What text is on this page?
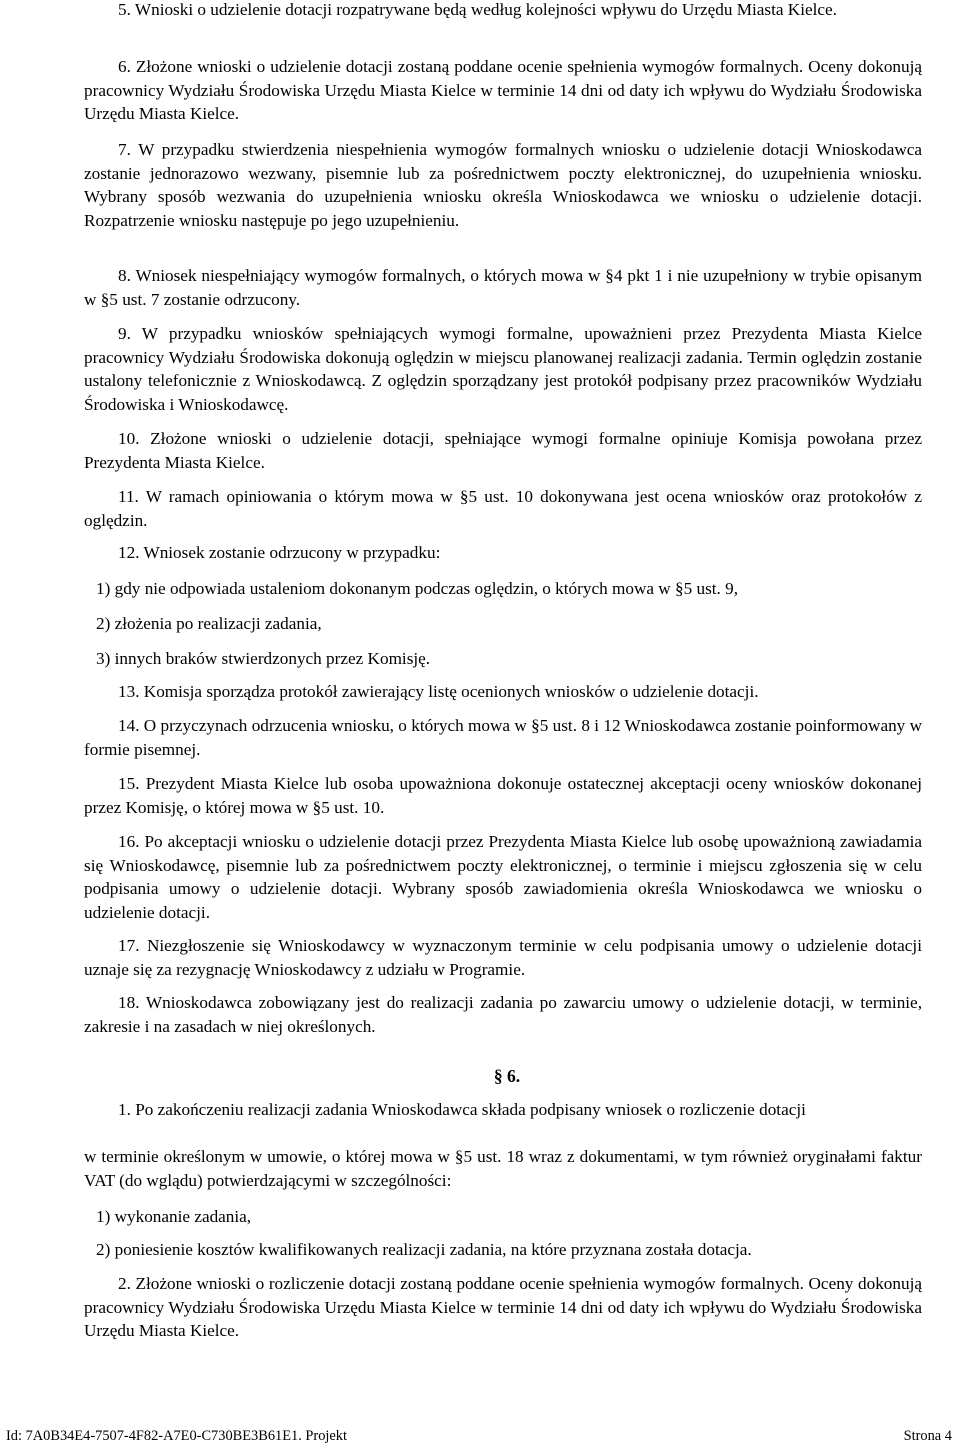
5. Wnioski o udzielenie dotacji rozpatrywane będą według kolejności wpływu do Urzędu Miasta Kielce.

6. Złożone wnioski o udzielenie dotacji zostaną poddane ocenie spełnienia wymogów formalnych. Oceny dokonują pracownicy Wydziału Środowiska Urzędu Miasta Kielce w terminie 14 dni od daty ich wpływu do Wydziału Środowiska Urzędu Miasta Kielce.

7. W przypadku stwierdzenia niespełnienia wymogów formalnych wniosku o udzielenie dotacji Wnioskodawca zostanie jednorazowo wezwany, pisemnie lub za pośrednictwem poczty elektronicznej, do uzupełnienia wniosku. Wybrany sposób wezwania do uzupełnienia wniosku określa Wnioskodawca we wniosku o udzielenie dotacji. Rozpatrzenie wniosku następuje po jego uzupełnieniu.

8. Wniosek niespełniający wymogów formalnych, o których mowa w §4 pkt 1 i nie uzupełniony w trybie opisanym w §5 ust. 7 zostanie odrzucony.

9. W przypadku wniosków spełniających wymogi formalne, upoważnieni przez Prezydenta Miasta Kielce pracownicy Wydziału Środowiska dokonują oględzin w miejscu planowanej realizacji zadania. Termin oględzin zostanie ustalony telefonicznie z Wnioskodawcą. Z oględzin sporządzany jest protokół podpisany przez pracowników Wydziału Środowiska i Wnioskodawcę.

10. Złożone wnioski o udzielenie dotacji, spełniające wymogi formalne opiniuje Komisja powołana przez Prezydenta Miasta Kielce.

11. W ramach opiniowania o którym mowa w §5 ust. 10 dokonywana jest ocena wniosków oraz protokołów z oględzin.

12. Wniosek zostanie odrzucony w przypadku:

1) gdy nie odpowiada ustaleniom dokonanym podczas oględzin, o których mowa w §5 ust. 9,
2) złożenia po realizacji zadania,
3) innych braków stwierdzonych przez Komisję.

13. Komisja sporządza protokół zawierający listę ocenionych wniosków o udzielenie dotacji.

14. O przyczynach odrzucenia wniosku, o których mowa w §5 ust. 8 i 12 Wnioskodawca zostanie poinformowany w formie pisemnej.

15. Prezydent Miasta Kielce lub osoba upoważniona dokonuje ostatecznej akceptacji oceny wniosków dokonanej przez Komisję, o której mowa w §5 ust. 10.

16. Po akceptacji wniosku o udzielenie dotacji przez Prezydenta Miasta Kielce lub osobę upoważnioną zawiadamia się Wnioskodawcę, pisemnie lub za pośrednictwem poczty elektronicznej, o terminie i miejscu zgłoszenia się w celu podpisania umowy o udzielenie dotacji. Wybrany sposób zawiadomienia określa Wnioskodawca we wniosku o udzielenie dotacji.

17. Niezgłoszenie się Wnioskodawcy w wyznaczonym terminie w celu podpisania umowy o udzielenie dotacji uznaje się za rezygnację Wnioskodawcy z udziału w Programie.

18. Wnioskodawca zobowiązany jest do realizacji zadania po zawarciu umowy o udzielenie dotacji, w terminie, zakresie i na zasadach w niej określonych.

§ 6.

1. Po zakończeniu realizacji zadania Wnioskodawca składa podpisany wniosek o rozliczenie dotacji

w terminie określonym w umowie, o której mowa w §5 ust. 18 wraz z dokumentami, w tym również oryginałami faktur VAT (do wglądu) potwierdzającymi w szczególności:

1) wykonanie zadania,
2) poniesienie kosztów kwalifikowanych realizacji zadania, na które przyznana została dotacja.

2. Złożone wnioski o rozliczenie dotacji zostaną poddane ocenie spełnienia wymogów formalnych. Oceny dokonują pracownicy Wydziału Środowiska Urzędu Miasta Kielce w terminie 14 dni od daty ich wpływu do Wydziału Środowiska Urzędu Miasta Kielce.

Id: 7A0B34E4-7507-4F82-A7E0-C730BE3B61E1. Projekt	Strona 4
